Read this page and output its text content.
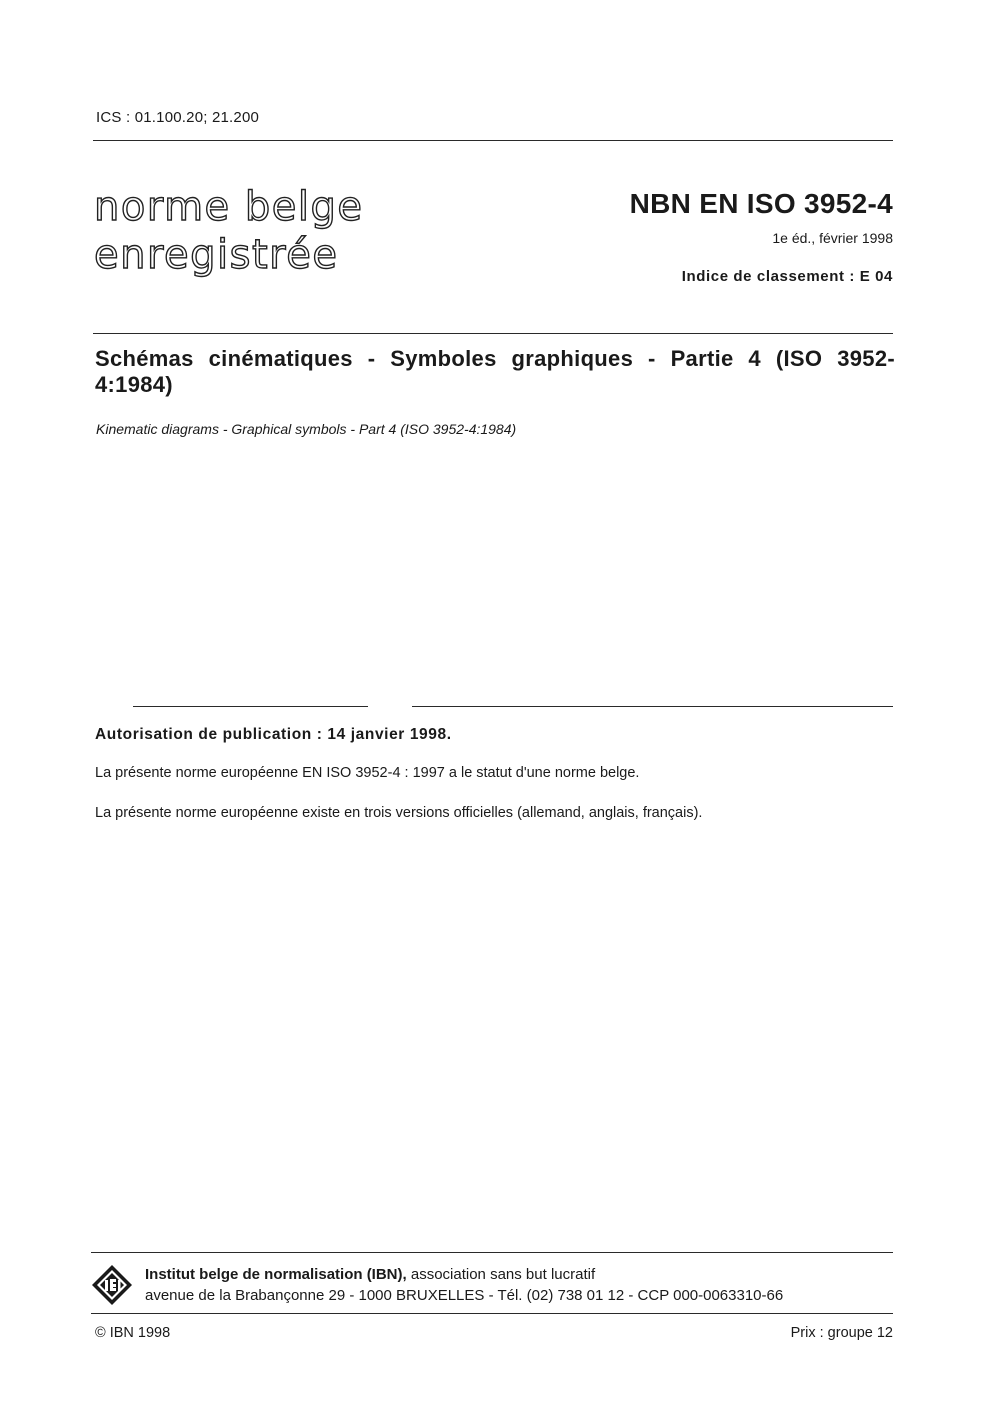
ICS : 01.100.20; 21.200
norme belge
enregistrée
NBN EN ISO 3952-4
1e éd., février 1998
Indice de classement : E 04
Schémas cinématiques - Symboles graphiques - Partie 4 (ISO 3952-4:1984)
Kinematic diagrams - Graphical symbols - Part 4 (ISO 3952-4:1984)
Autorisation de publication : 14 janvier 1998.
La présente norme européenne EN ISO 3952-4 : 1997 a le statut d'une norme belge.
La présente norme européenne existe en trois versions officielles (allemand, anglais, français).
Institut belge de normalisation (IBN), association sans but lucratif
avenue de la Brabançonne 29 - 1000 BRUXELLES - Tél. (02) 738 01 12 - CCP 000-0063310-66
© IBN 1998	Prix : groupe 12
